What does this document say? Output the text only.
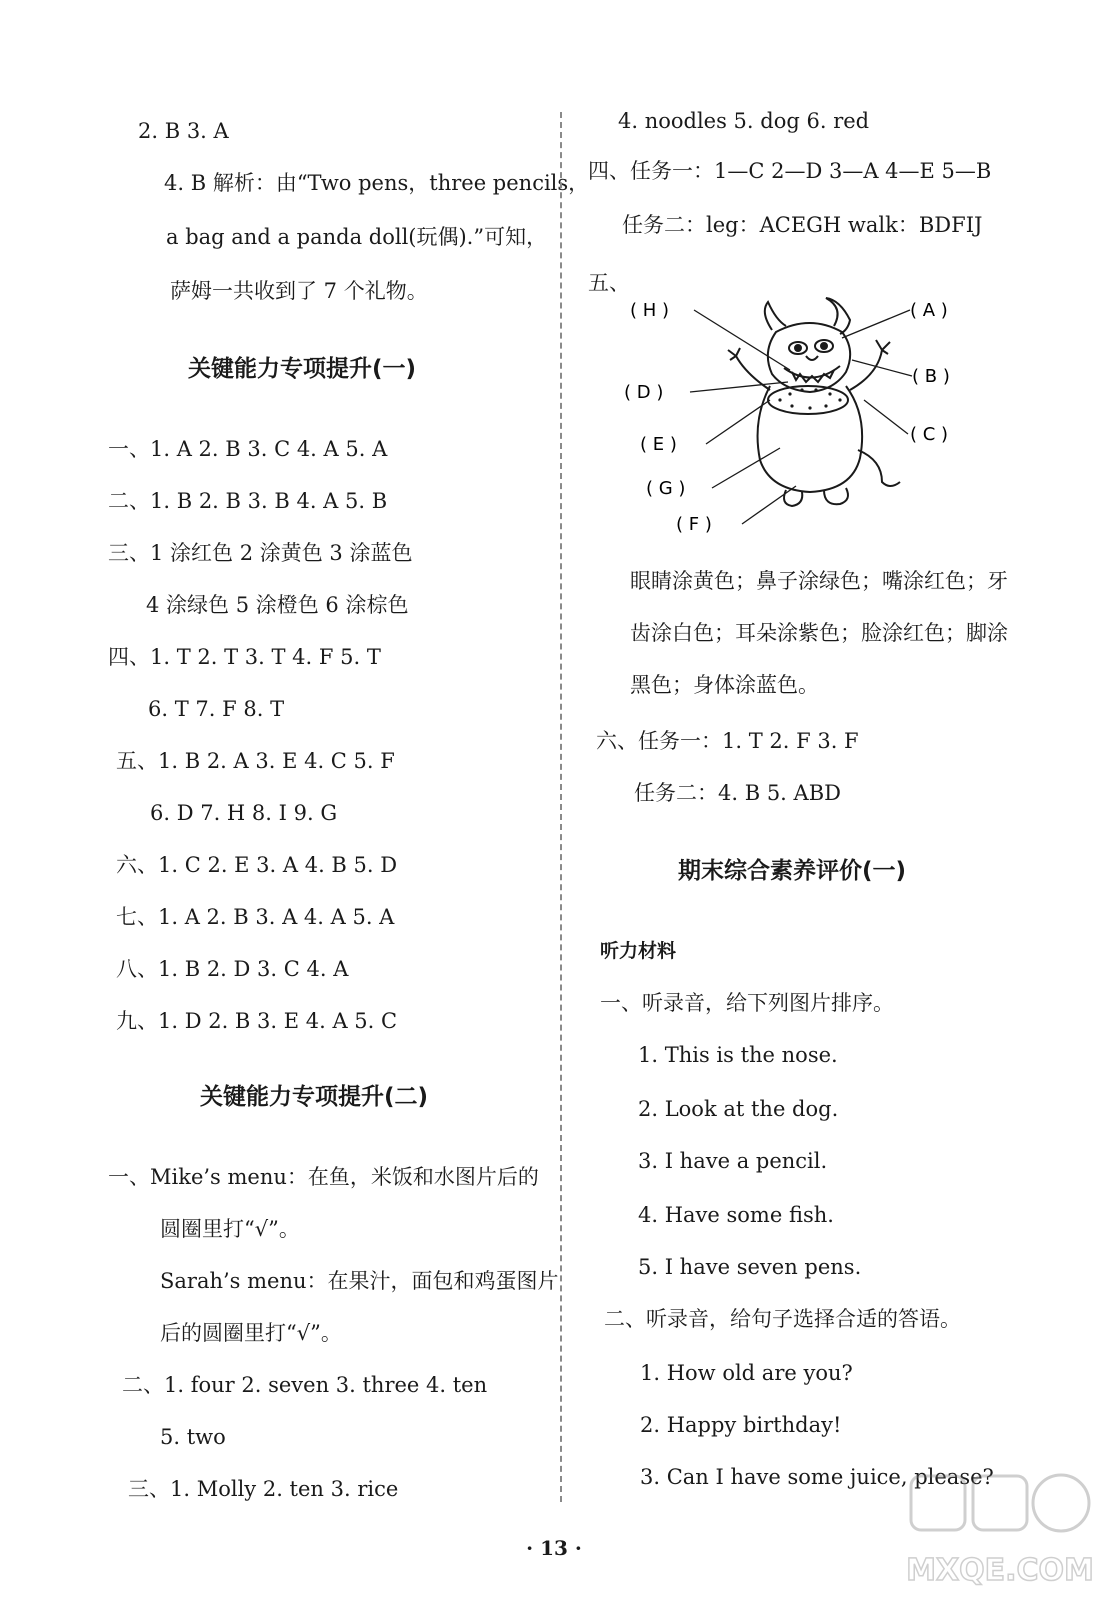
2. B 3. A
4. B 解析：由“Two pens，three pencils，
a bag and a panda doll(玩偶).”可知，
萨姆一共收到了 7 个礼物。
关键能力专项提升(一)
一、1. A 2. B 3. C 4. A 5. A
二、1. B 2. B 3. B 4. A 5. B
三、1 涂红色 2 涂黄色 3 涂蓝色
4 涂绿色 5 涂橙色 6 涂棕色
四、1. T 2. T 3. T 4. F 5. T
6. T 7. F 8. T
五、1. B 2. A 3. E 4. C 5. F
6. D 7. H 8. I 9. G
六、1. C 2. E 3. A 4. B 5. D
七、1. A 2. B 3. A 4. A 5. A
八、1. B 2. D 3. C 4. A
九、1. D 2. B 3. E 4. A 5. C
关键能力专项提升(二)
一、Mike’s menu：在鱼，米饭和水图片后的
圆圈里打“√”。
Sarah’s menu：在果汁，面包和鸡蛋图片
后的圆圈里打“√”。
二、1. four 2. seven 3. three 4. ten
5. two
三、1. Molly 2. ten 3. rice
4. noodles 5. dog 6. red
四、任务一：1—C 2—D 3—A 4—E 5—B
任务二：leg：ACEGH walk：BDFIJ
五、
( H )	( A )
( B )
( D )
( C )
( E )
( G )
( F )
眼睛涂黄色；鼻子涂绿色；嘴涂红色；牙
齿涂白色；耳朵涂紫色；脸涂红色；脚涂
黑色；身体涂蓝色。
六、任务一：1. T 2. F 3. F
任务二：4. B 5. ABD
期末综合素养评价(一)
听力材料
一、听录音，给下列图片排序。
1. This is the nose.
2. Look at the dog.
3. I have a pencil.
4. Have some fish.
5. I have seven pens.
二、听录音，给句子选择合适的答语。
1. How old are you?
2. Happy birthday!
3. Can I have some juice, please?
· 13 ·
MXQE.COM
